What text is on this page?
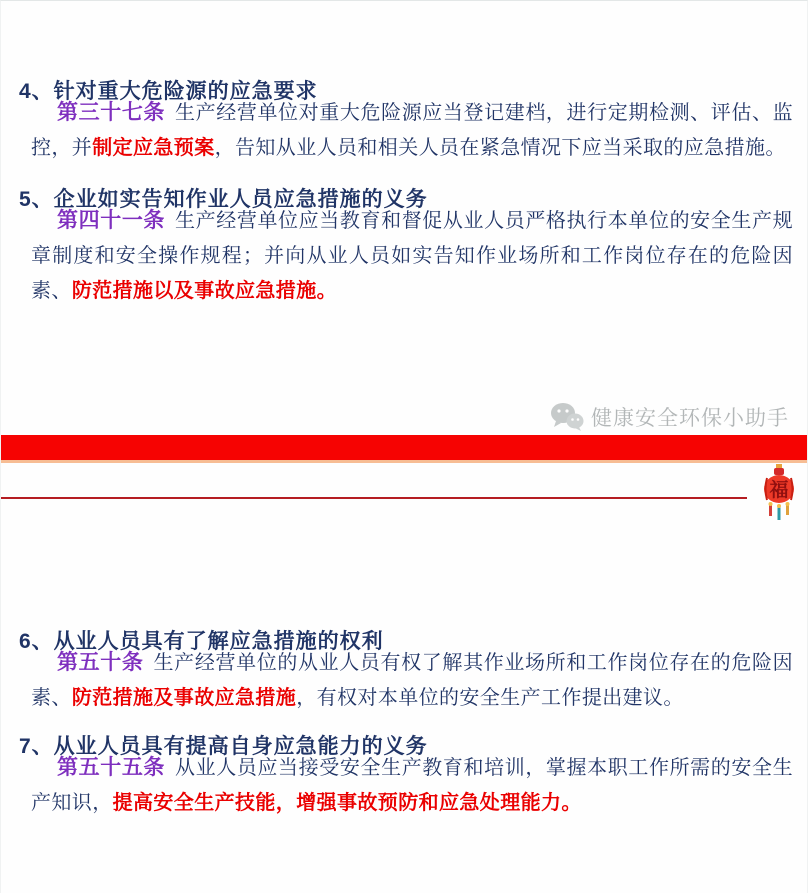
4、针对重大危险源的应急要求

第三十七条 生产经营单位对重大危险源应当登记建档，进行定期检测、评估、监控，并制定应急预案，告知从业人员和相关人员在紧急情况下应当采取的应急措施。

5、企业如实告知作业人员应急措施的义务

第四十一条 生产经营单位应当教育和督促从业人员严格执行本单位的安全生产规章制度和安全操作规程；并向从业人员如实告知作业场所和工作岗位存在的危险因素、防范措施以及事故应急措施。

健康安全环保小助手
福
6、从业人员具有了解应急措施的权利

第五十条 生产经营单位的从业人员有权了解其作业场所和工作岗位存在的危险因素、防范措施及事故应急措施，有权对本单位的安全生产工作提出建议。

7、从业人员具有提高自身应急能力的义务

第五十五条 从业人员应当接受安全生产教育和培训，掌握本职工作所需的安全生产知识，提高安全生产技能，增强事故预防和应急处理能力。
